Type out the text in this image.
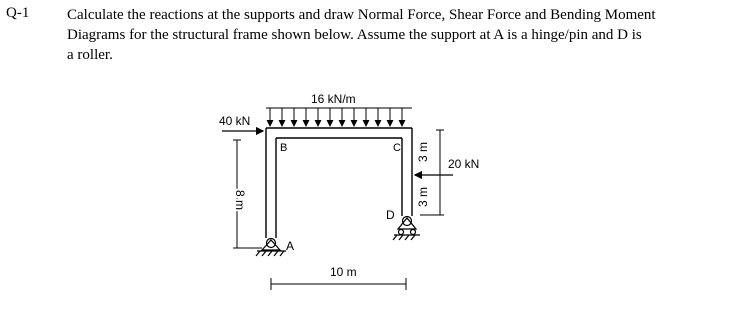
Q-1	Calculate the reactions at the supports and draw Normal Force, Shear Force and Bending Moment
Diagrams for the structural frame shown below. Assume the support at A is a hinge/pin and D is
a roller.

16 kN/m
40 kN
20 kN
B	C
A
D
8 m
3 m
3 m
10 m
